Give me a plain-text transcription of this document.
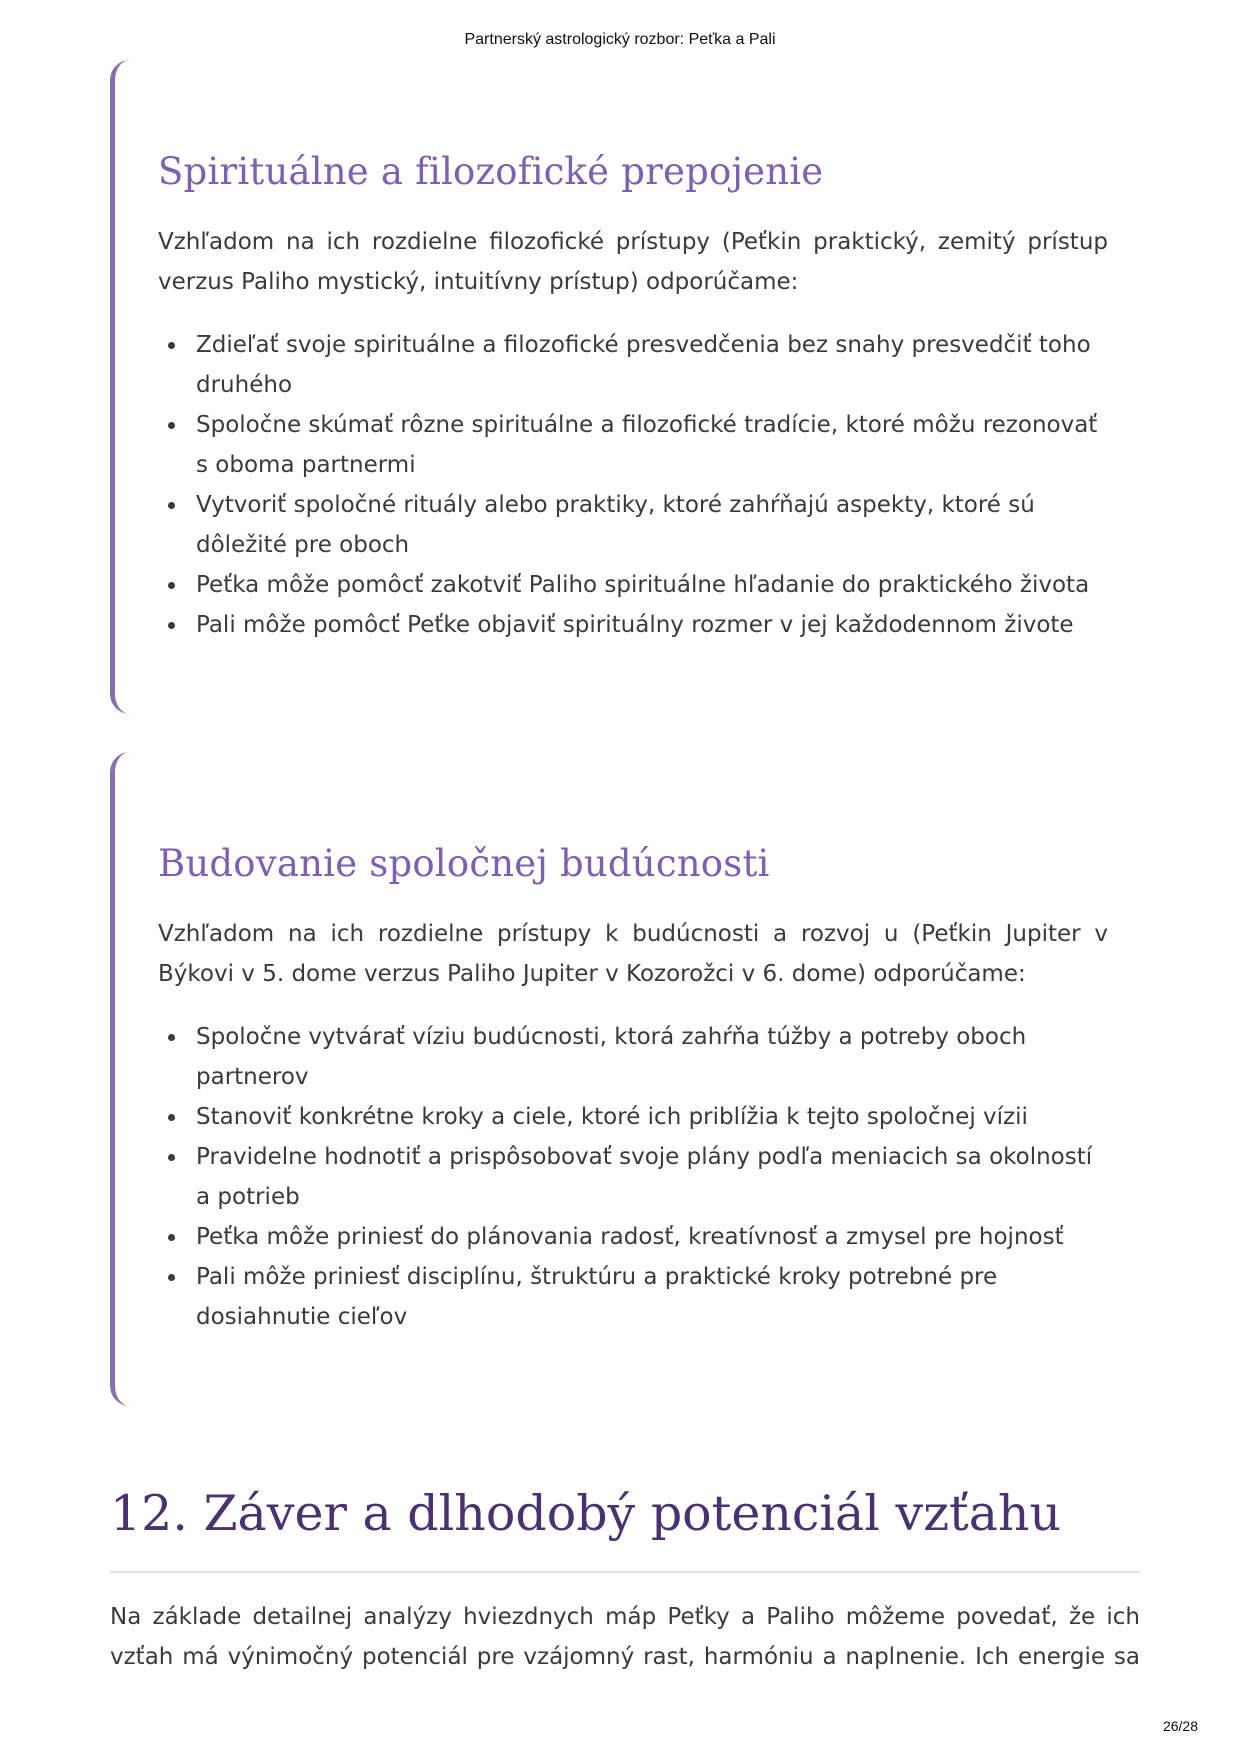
Partnerský astrologický rozbor: Peťka a Pali
Spirituálne a filozofické prepojenie

Vzhľadom na ich rozdielne filozofické prístupy (Peťkin praktický, zemitý prístup verzus Paliho mystický, intuitívny prístup) odporúčame:

Zdieľať svoje spirituálne a filozofické presvedčenia bez snahy presvedčiť toho druhého
Spoločne skúmať rôzne spirituálne a filozofické tradície, ktoré môžu rezonovať s oboma partnermi
Vytvoriť spoločné rituály alebo praktiky, ktoré zahŕňajú aspekty, ktoré sú dôležité pre oboch
Peťka môže pomôcť zakotviť Paliho spirituálne hľadanie do praktického života
Pali môže pomôcť Peťke objaviť spirituálny rozmer v jej každodennom živote
Budovanie spoločnej budúcnosti

Vzhľadom na ich rozdielne prístupy k budúcnosti a rozvoj u (Peťkin Jupiter v Býkovi v 5. dome verzus Paliho Jupiter v Kozorožci v 6. dome) odporúčame:

Spoločne vytvárať víziu budúcnosti, ktorá zahŕňa túžby a potreby oboch partnerov
Stanoviť konkrétne kroky a ciele, ktoré ich priblížia k tejto spoločnej vízii
Pravidelne hodnotiť a prispôsobovať svoje plány podľa meniacich sa okolností a potrieb
Peťka môže priniesť do plánovania radosť, kreatívnosť a zmysel pre hojnosť
Pali môže priniesť disciplínu, štruktúru a praktické kroky potrebné pre dosiahnutie cieľov
12. Záver a dlhodobý potenciál vzťahu

Na základe detailnej analýzy hviezdnych máp Peťky a Paliho môžeme povedať, že ich vzťah má výnimočný potenciál pre vzájomný rast, harmóniu a naplnenie. Ich energie sa

26/28
